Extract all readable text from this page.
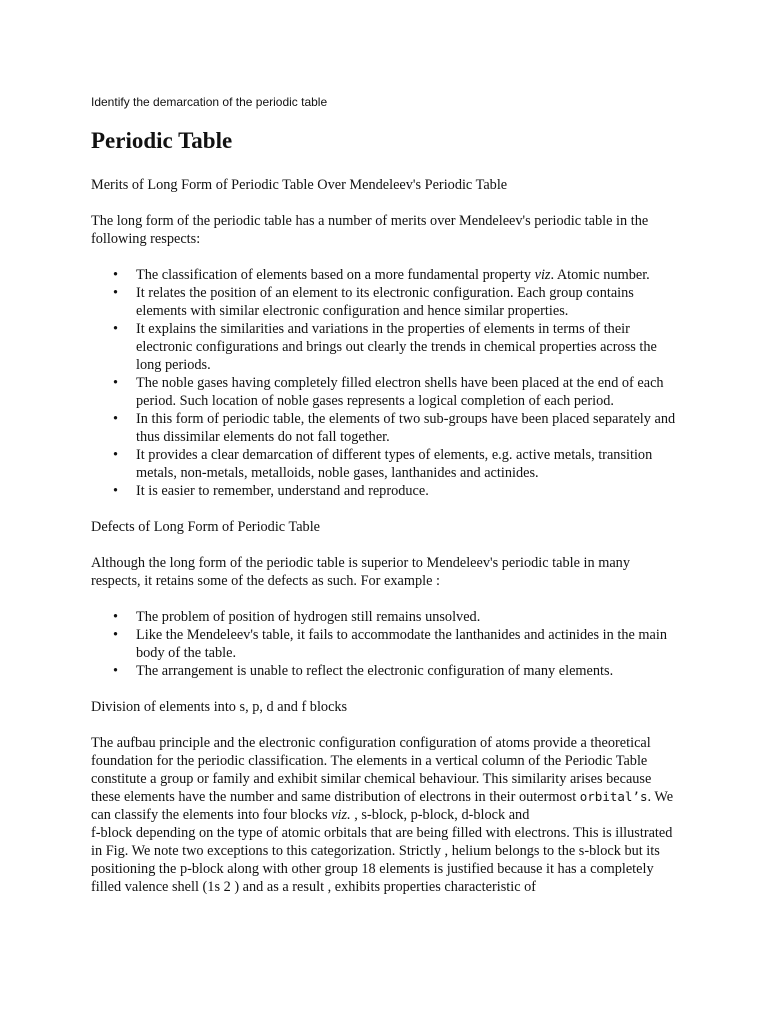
Identify the demarcation of the periodic table

Periodic Table
Merits of Long Form of Periodic Table Over Mendeleev's Periodic Table

The long form of the periodic table has a number of merits over Mendeleev's periodic table in the following respects:

• The classification of elements based on a more fundamental property viz. Atomic number.
• It relates the position of an element to its electronic configuration. Each group contains elements with similar electronic configuration and hence similar properties.
• It explains the similarities and variations in the properties of elements in terms of their electronic configurations and brings out clearly the trends in chemical properties across the long periods.
• The noble gases having completely filled electron shells have been placed at the end of each period. Such location of noble gases represents a logical completion of each period.
• In this form of periodic table, the elements of two sub-groups have been placed separately and thus dissimilar elements do not fall together.
• It provides a clear demarcation of different types of elements, e.g. active metals, transition metals, non-metals, metalloids, noble gases, lanthanides and actinides.
• It is easier to remember, understand and reproduce.
Defects of Long Form of Periodic Table

Although the long form of the periodic table is superior to Mendeleev's periodic table in many respects, it retains some of the defects as such. For example :

• The problem of position of hydrogen still remains unsolved.
• Like the Mendeleev's table, it fails to accommodate the lanthanides and actinides in the main body of the table.
• The arrangement is unable to reflect the electronic configuration of many elements.
Division of elements into s, p, d and f blocks

The aufbau principle and the electronic configuration configuration of atoms provide a theoretical foundation for the periodic classification. The elements in a vertical column of the Periodic Table constitute a group or family and exhibit similar chemical behaviour. This similarity arises because these elements have the number and same distribution of electrons in their outermost orbital’s. We can classify the elements into four blocks viz. , s-block, p-block, d-block and

f-block depending on the type of atomic orbitals that are being filled with electrons. This is illustrated in Fig. We note two exceptions to this categorization. Strictly , helium belongs to the s-block but its positioning the p-block along with other group 18 elements is justified because it has a completely filled valence shell (1s 2 ) and as a result , exhibits properties characteristic of
